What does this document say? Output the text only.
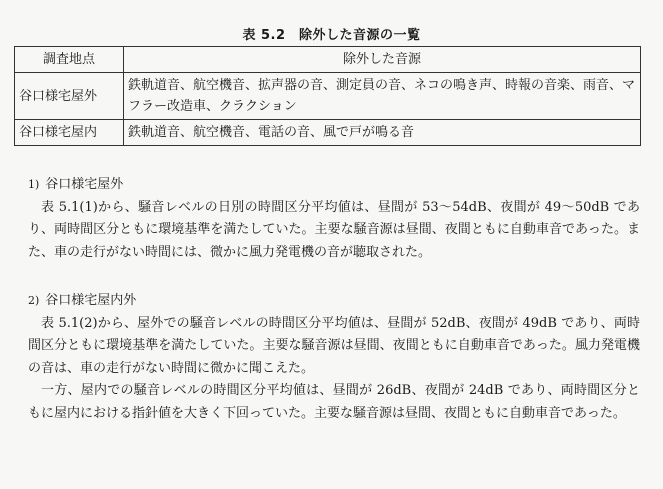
表 5.2　除外した音源の一覧
調査地点	除外した音源
谷口様宅屋外	鉄軌道音、航空機音、拡声器の音、測定員の音、ネコの鳴き声、時報の音楽、雨音、マフラー改造車、クラクション
谷口様宅屋内	鉄軌道音、航空機音、電話の音、風で戸が鳴る音
1) 谷口様宅屋外

表 5.1(1)から、騒音レベルの日別の時間区分平均値は、昼間が 53～54dB、夜間が 49～50dB であり、両時間区分ともに環境基準を満たしていた。主要な騒音源は昼間、夜間ともに自動車音であった。また、車の走行がない時間には、微かに風力発電機の音が聴取された。

2) 谷口様宅屋内外

表 5.1(2)から、屋外での騒音レベルの時間区分平均値は、昼間が 52dB、夜間が 49dB であり、両時間区分ともに環境基準を満たしていた。主要な騒音源は昼間、夜間ともに自動車音であった。風力発電機の音は、車の走行がない時間に微かに聞こえた。

一方、屋内での騒音レベルの時間区分平均値は、昼間が 26dB、夜間が 24dB であり、両時間区分ともに屋内における指針値を大きく下回っていた。主要な騒音源は昼間、夜間ともに自動車音であった。
